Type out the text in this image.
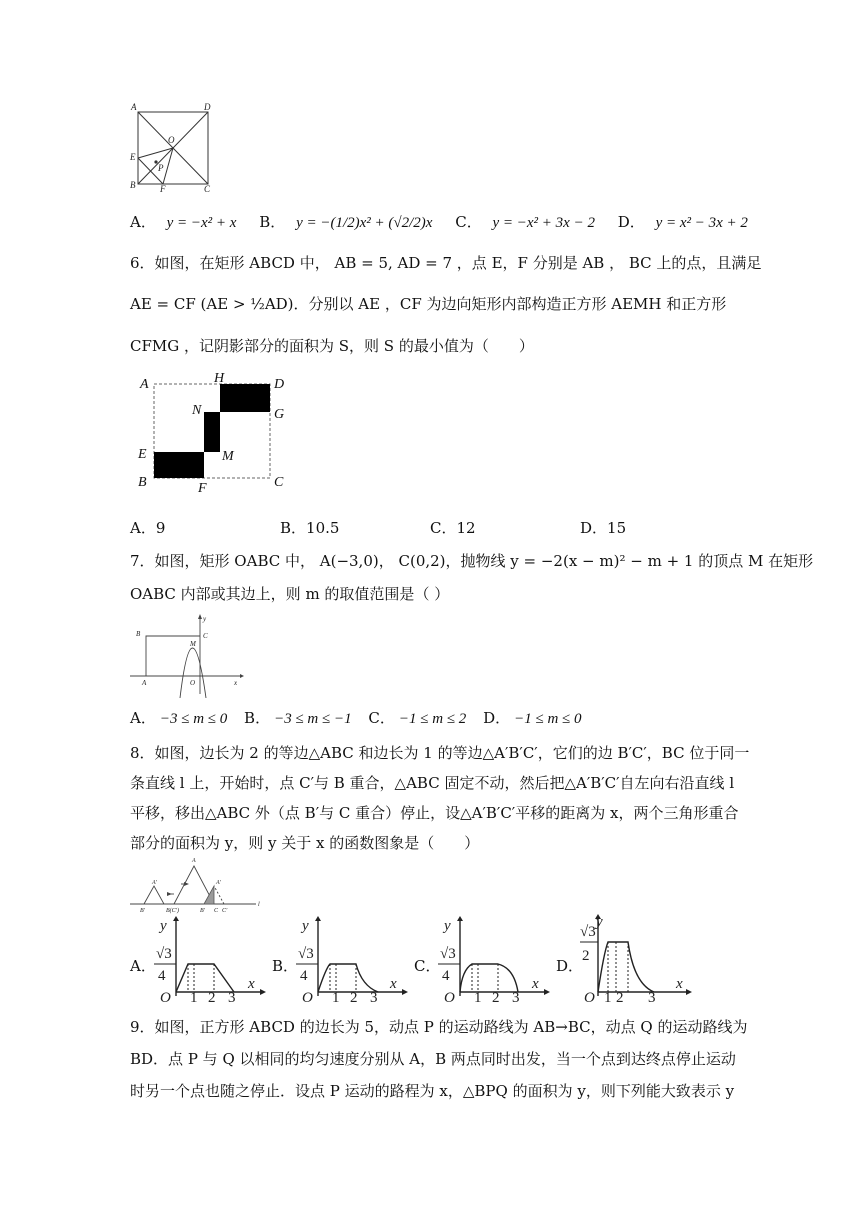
A	D
O
E
P
B	F	C
A． y = −x² + x B． y = −(1/2)x² + (√2/2)x C． y = −x² + 3x − 2 D． y = x² − 3x + 2
6．如图，在矩形 ABCD 中， AB = 5, AD = 7 ，点 E，F 分别是 AB ， BC 上的点，且满足
AE = CF (AE > ½AD)．分别以 AE ，CF 为边向矩形内部构造正方形 AEMH 和正方形
CFMG ，记阴影部分的面积为 S，则 S 的最小值为（　　）
A	H	D
G
N
E	M
B	F	C
A．9	B．10.5	C．12	D．15
7．如图，矩形 OABC 中， A(−3,0)， C(0,2)，抛物线 y = −2(x − m)² − m + 1 的顶点 M 在矩形
OABC 内部或其边上，则 m 的取值范围是（ ）
y
B	C
M
A	O	x
A． −3 ≤ m ≤ 0 B． −3 ≤ m ≤ −1 C． −1 ≤ m ≤ 2 D． −1 ≤ m ≤ 0
8．如图，边长为 2 的等边△ABC 和边长为 1 的等边△A′B′C′，它们的边 B′C′，BC 位于同一
条直线 l 上，开始时，点 C′与 B 重合，△ABC 固定不动，然后把△A′B′C′自左向右沿直线 l
平移，移出△ABC 外（点 B′与 C 重合）停止，设△A′B′C′平移的距离为 x，两个三角形重合
部分的面积为 y，则 y 关于 x 的函数图象是（　　）
A′
A
A′
B′	B(C′)	B′ C C′
l
A．
y
√3
4
O 1 2 3
x
B．
y
√3
4
O 1 2 3
x
C．
y
√3
4
O 1 2 3
x
D．
y
√3
2
O 1 2 3
x
9．如图，正方形 ABCD 的边长为 5，动点 P 的运动路线为 AB→BC，动点 Q 的运动路线为
BD．点 P 与 Q 以相同的均匀速度分别从 A，B 两点同时出发，当一个点到达终点停止运动
时另一个点也随之停止．设点 P 运动的路程为 x，△BPQ 的面积为 y，则下列能大致表示 y
